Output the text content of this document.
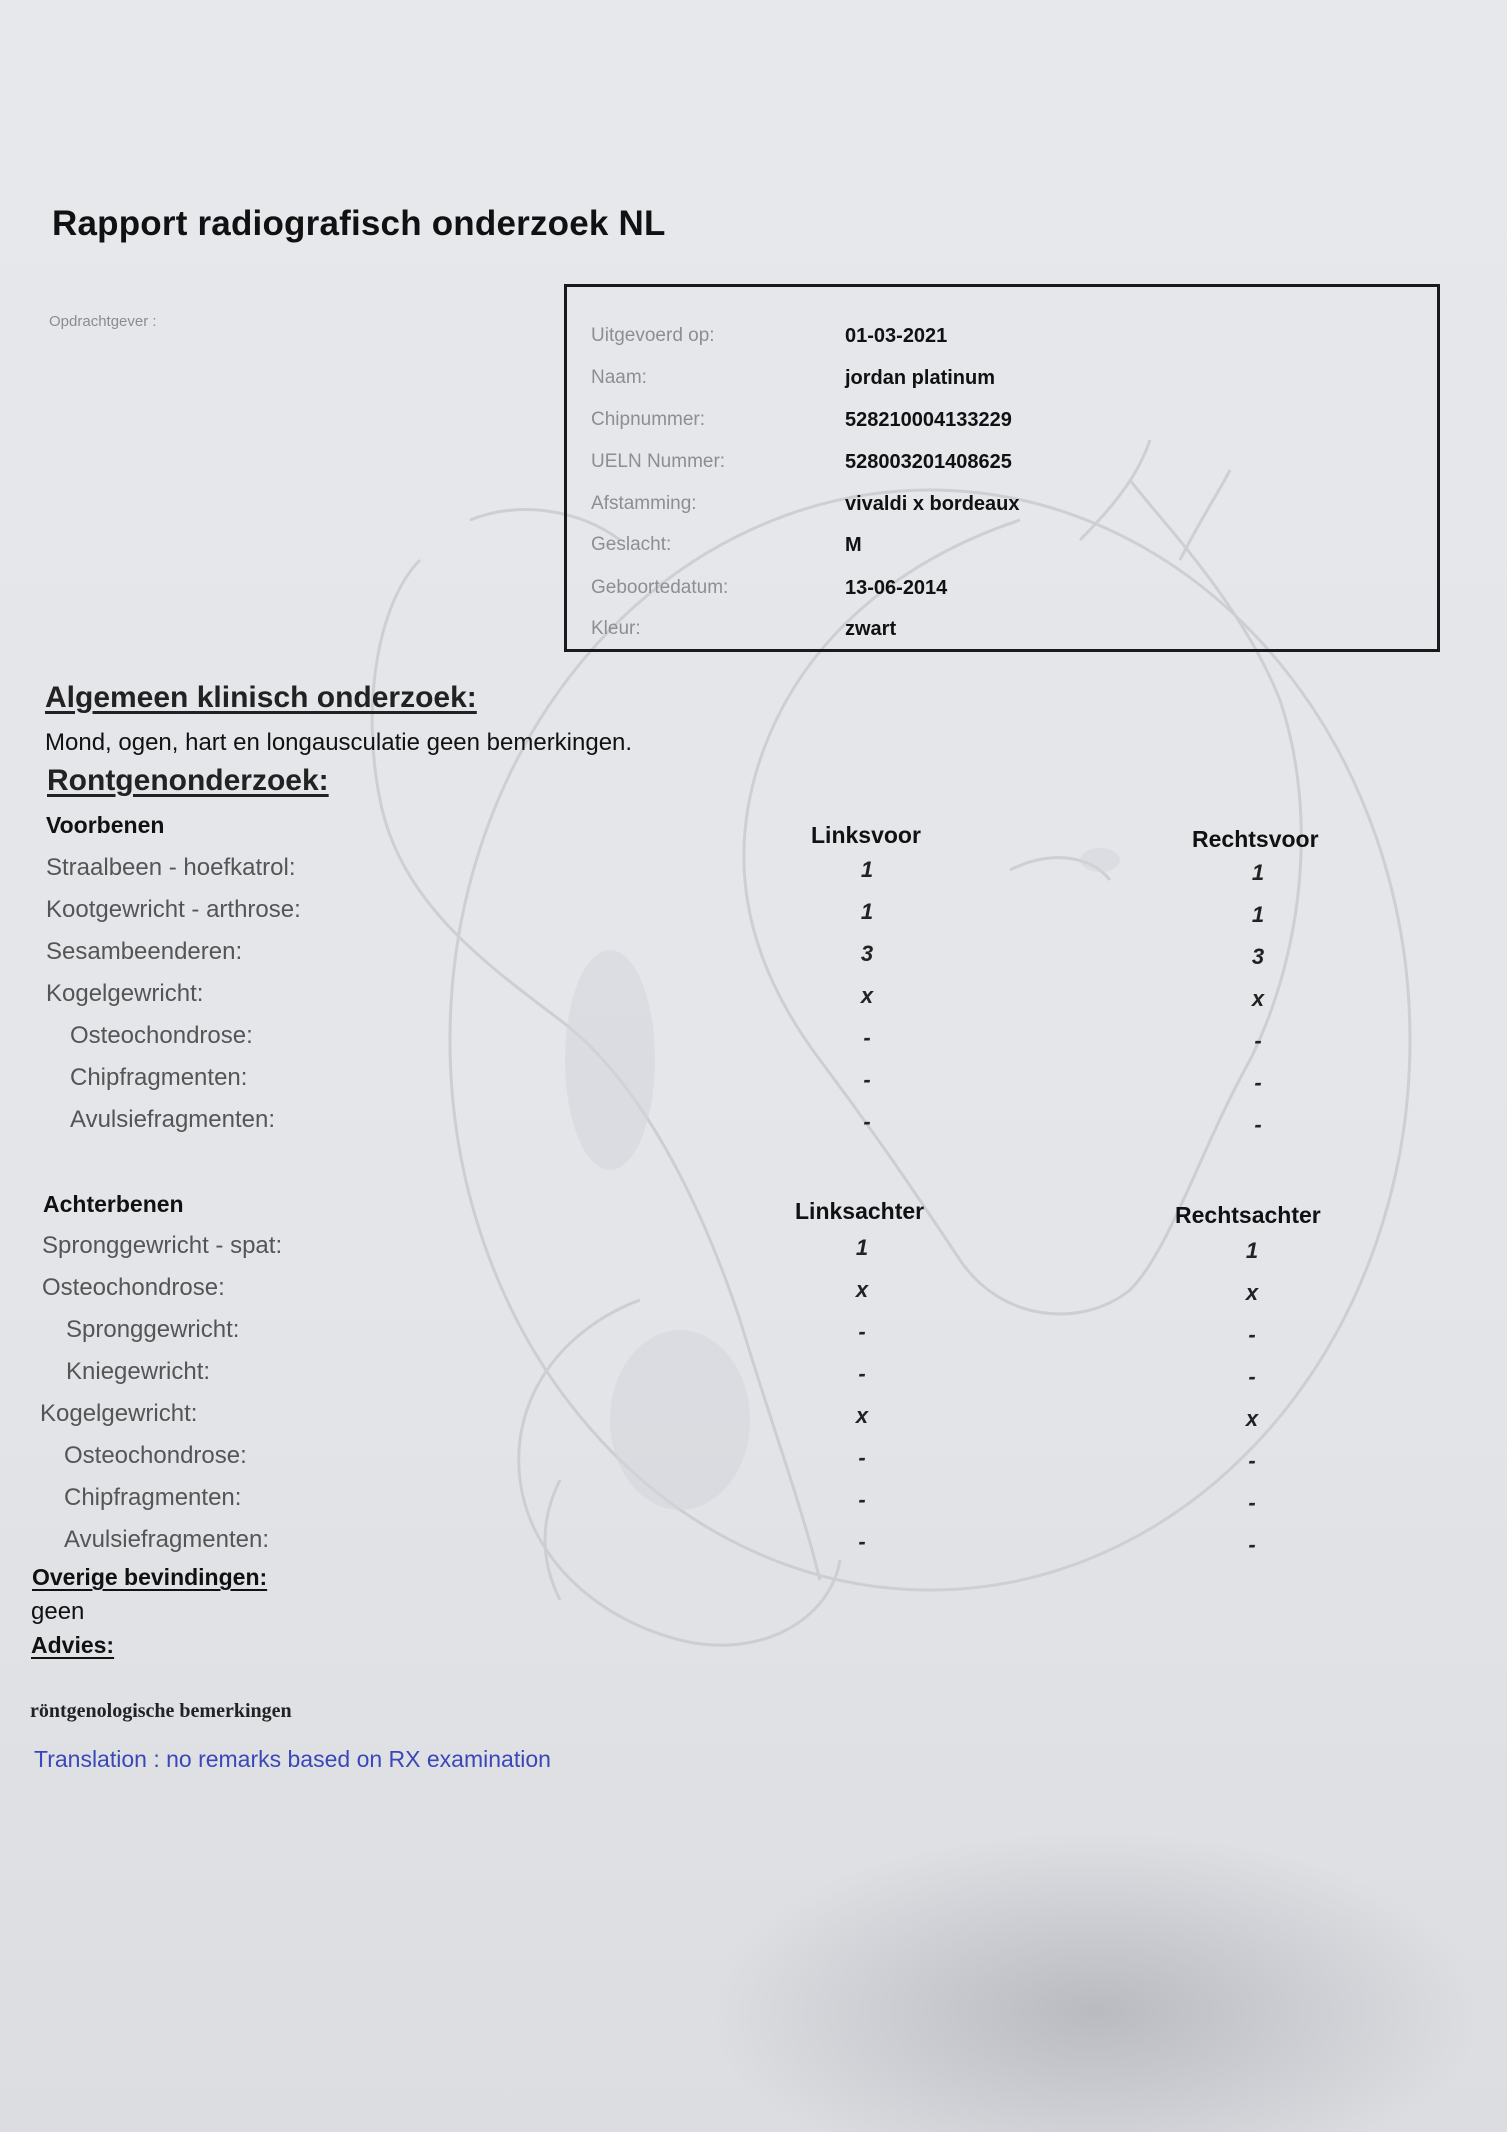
Rapport radiografisch onderzoek NL
Opdrachtgever :
Uitgevoerd op:	01-03-2021
Naam:	jordan platinum
Chipnummer:	528210004133229
UELN Nummer:	528003201408625
Afstamming:	vivaldi x bordeaux
Geslacht:	M
Geboortedatum:	13-06-2014
Kleur:	zwart
Algemeen klinisch onderzoek:
Mond, ogen, hart en longausculatie geen bemerkingen.
Rontgenonderzoek:
Voorbenen	Linksvoor	Rechtsvoor
Straalbeen - hoefkatrol:	1	1
Kootgewricht - arthrose:	1	1
Sesambeenderen:	3	3
Kogelgewricht:	x	x
Osteochondrose:	-	-
Chipfragmenten:	-	-
Avulsiefragmenten:	-	-
Achterbenen	Linksachter	Rechtsachter
Spronggewricht - spat:	1	1
Osteochondrose:	x	x
Spronggewricht:	-	-
Kniegewricht:	-	-
Kogelgewricht:	x	x
Osteochondrose:	-	-
Chipfragmenten:	-	-
Avulsiefragmenten:	-	-
Overige bevindingen:
geen
Advies:
röntgenologische bemerkingen
Translation : no remarks based on RX examination
